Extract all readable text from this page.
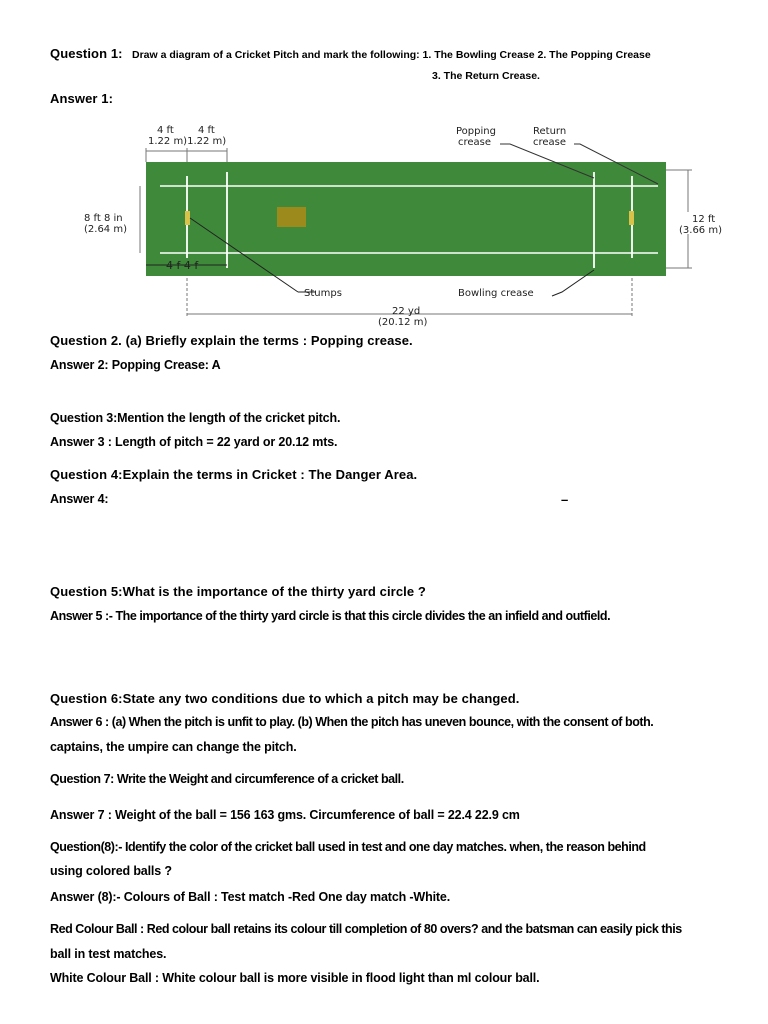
Question 1: Draw a diagram of a Cricket Pitch and mark the following: 1. The Bowling Crease 2. The Popping Crease
3. The Return Crease.
Answer 1:
4 ft 4 ft
1.22 m)1.22 m)
Popping
crease
Return
crease
8 ft 8 in
(2.64 m)
12 ft
(3.66 m)
4 f 4 f
Stumps	Bowling crease
22 yd
(20.12 m)
Question 2. (a) Briefly explain the terms : Popping crease.
Answer 2: Popping Crease: A
Question 3:Mention the length of the cricket pitch.
Answer 3 : Length of pitch = 22 yard or 20.12 mts.
Question 4:Explain the terms in Cricket : The Danger Area.
Answer 4:	–
Question 5:What is the importance of the thirty yard circle ?
Answer 5 :- The importance of the thirty yard circle is that this circle divides the an infield and outfield.
Question 6:State any two conditions due to which a pitch may be changed.
Answer 6 : (a) When the pitch is unfit to play. (b) When the pitch has uneven bounce, with the consent of both.
captains, the umpire can change the pitch.
Question 7: Write the Weight and circumference of a cricket ball.
Answer 7 : Weight of the ball = 156 163 gms. Circumference of ball = 22.4 22.9 cm
Question(8):- Identify the color of the cricket ball used in test and one day matches. when, the reason behind
using colored balls ?
Answer (8):- Colours of Ball : Test match -Red One day match -White.
Red Colour Ball : Red colour ball retains its colour till completion of 80 overs? and the batsman can easily pick this
ball in test matches.
White Colour Ball : White colour ball is more visible in flood light than ml colour ball.
